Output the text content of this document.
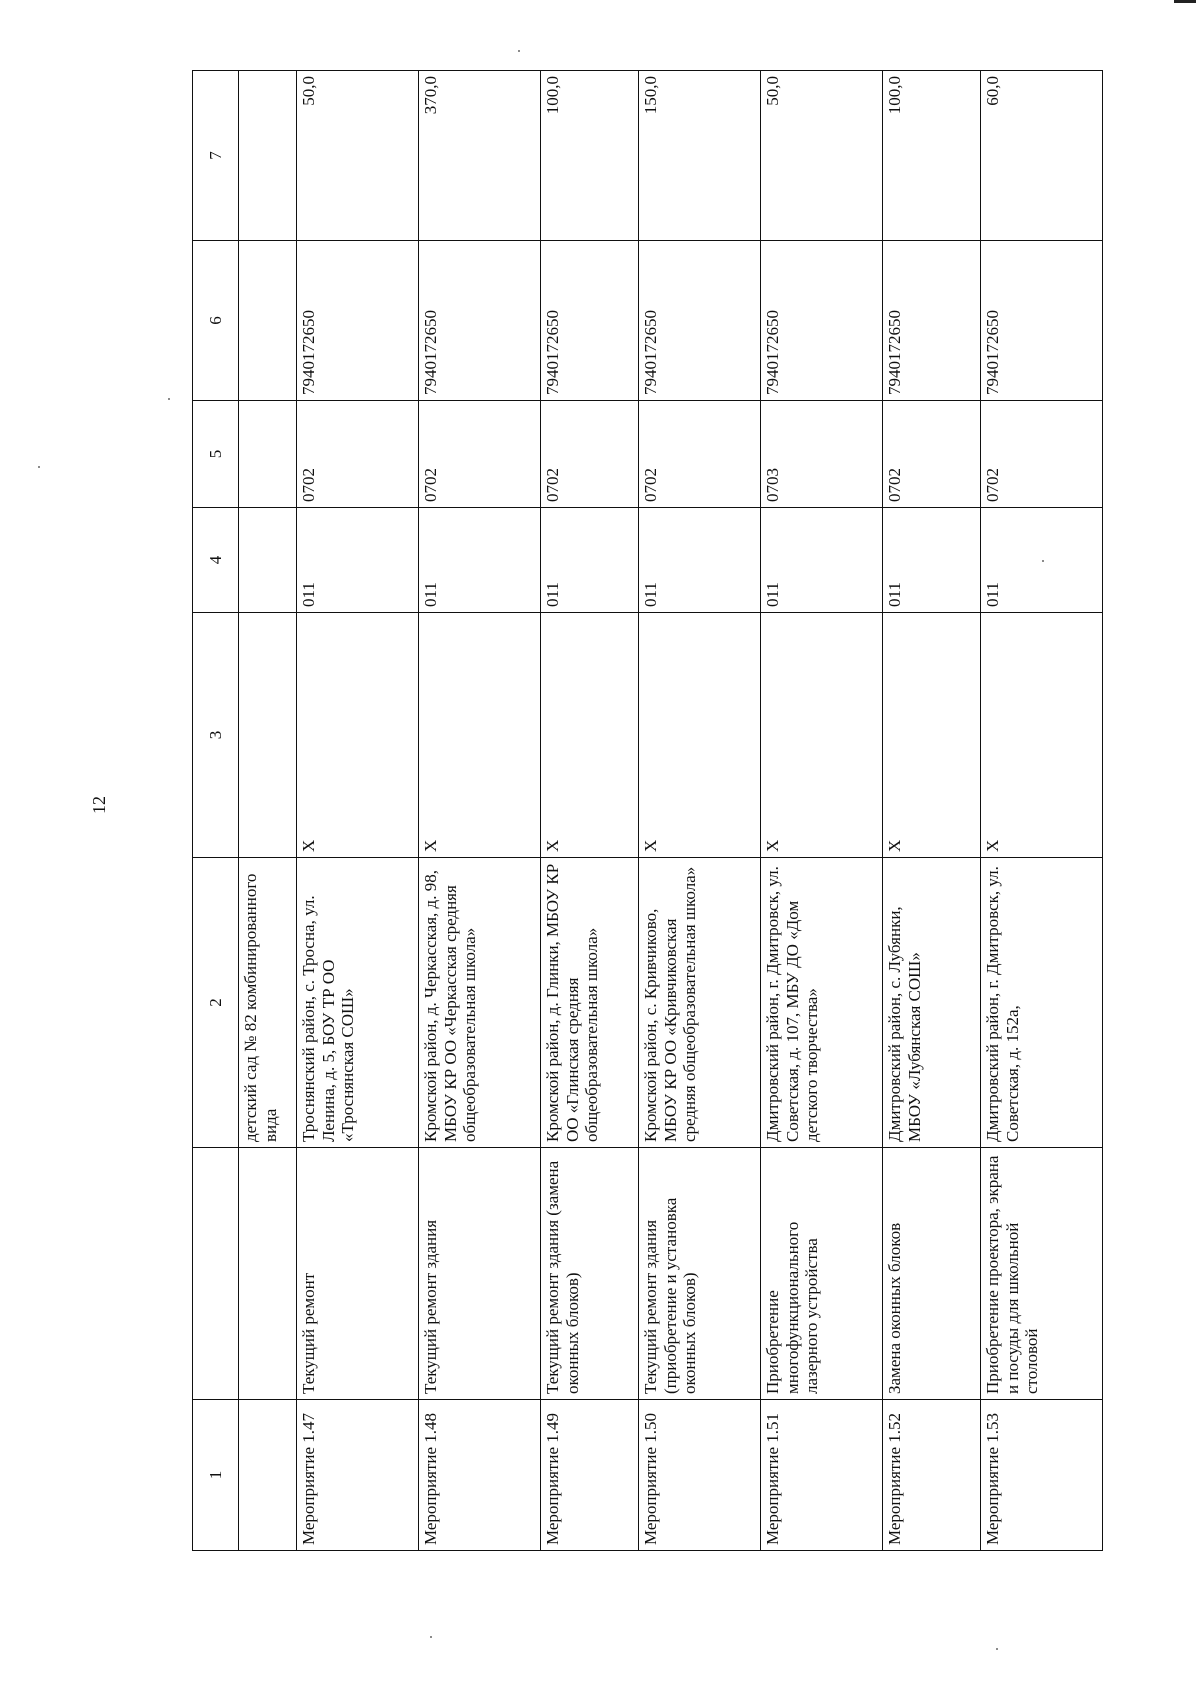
12
1		2	3	4	5	6	7
		детский сад № 82 комбинированного вида					
Мероприятие 1.47	Текущий ремонт	Троснянский район, с. Тросна, ул. Ленина, д. 5, БОУ ТР ОО «Троснянская СОШ»	X	011	0702	7940172650	50,0
Мероприятие 1.48	Текущий ремонт здания	Кромской район, д. Черкасская, д. 98, МБОУ КР ОО «Черкасская средняя общеобразовательная школа»	X	011	0702	7940172650	370,0
Мероприятие 1.49	Текущий ремонт здания (замена оконных блоков)	Кромской район, д. Глинки, МБОУ КР ОО «Глинская средняя общеобразовательная школа»	X	011	0702	7940172650	100,0
Мероприятие 1.50	Текущий ремонт здания (приобретение и установка оконных блоков)	Кромской район, с. Кривчиково, МБОУ КР ОО «Кривчиковская средняя общеобразовательная школа»	X	011	0702	7940172650	150,0
Мероприятие 1.51	Приобретение многофункционального лазерного устройства	Дмитровский район, г. Дмитровск, ул. Советская, д. 107, МБУ ДО «Дом детского творчества»	X	011	0703	7940172650	50,0
Мероприятие 1.52	Замена оконных блоков	Дмитровский район, с. Лубянки, МБОУ «Лубянская СОШ»	X	011	0702	7940172650	100,0
Мероприятие 1.53	Приобретение проектора, экрана и посуды для школьной столовой	Дмитровский район, г. Дмитровск, ул. Советская, д. 152а,	X	011	0702	7940172650	60,0
